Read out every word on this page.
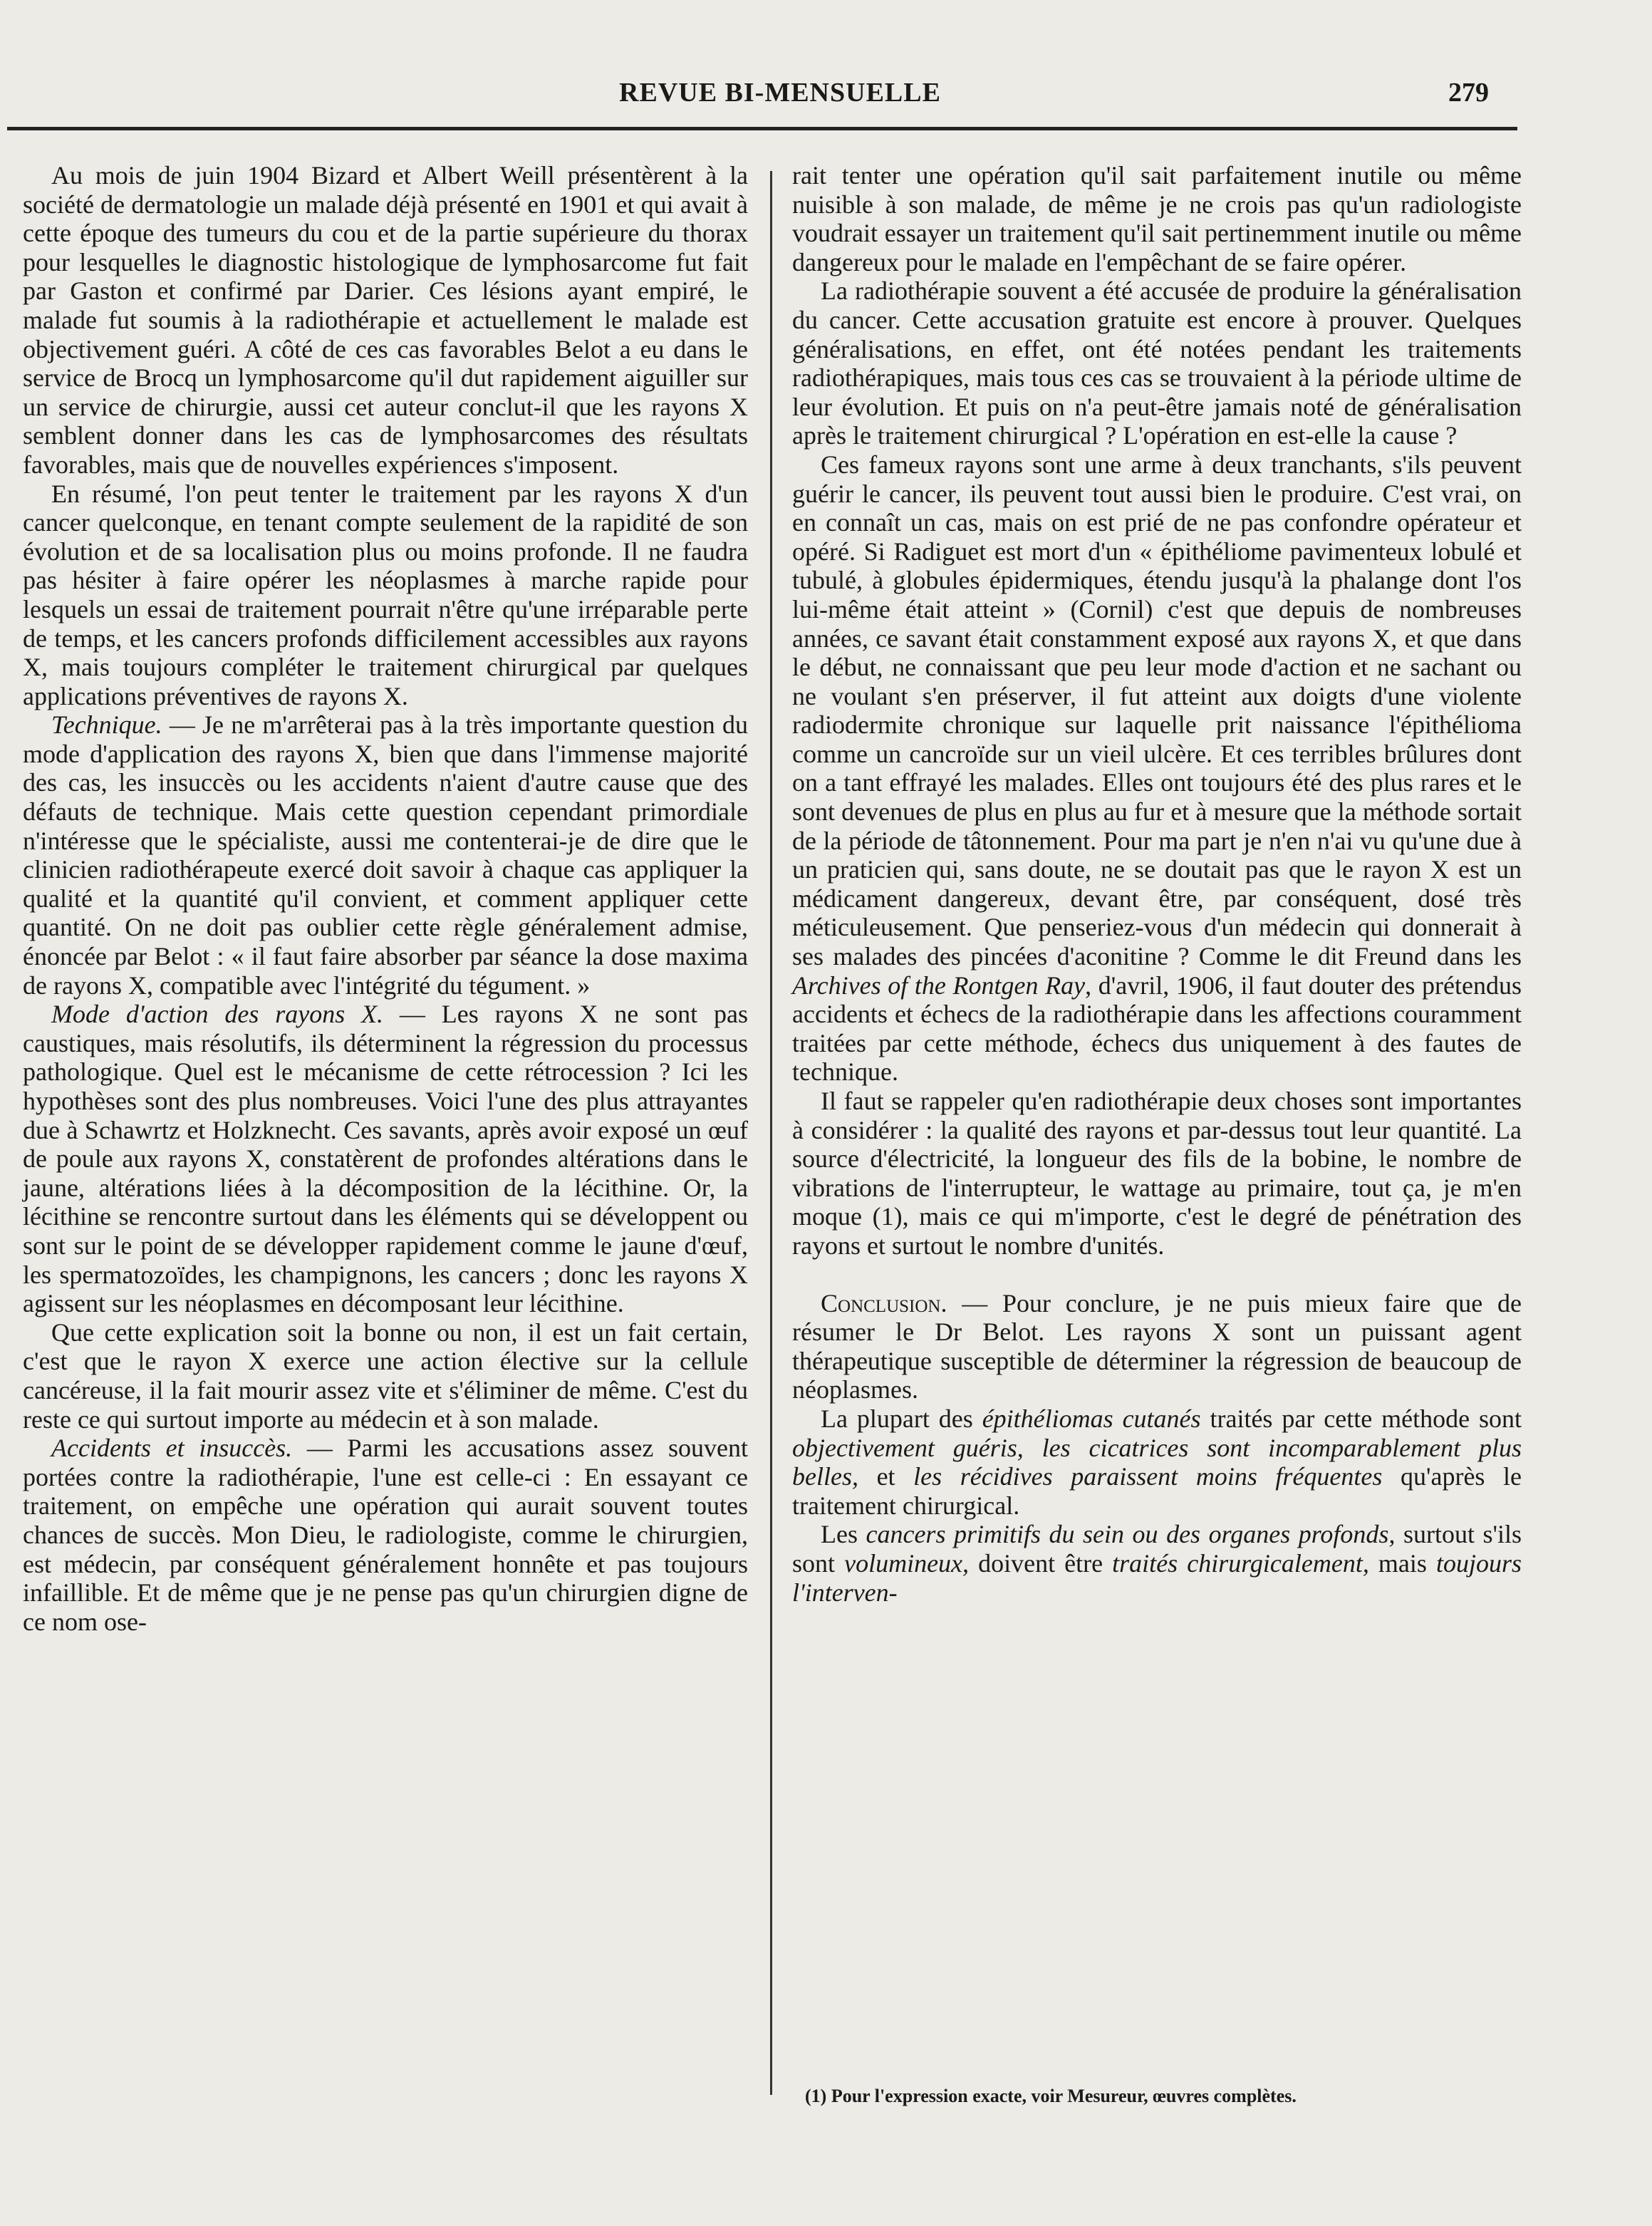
REVUE BI-MENSUELLE	279

Au mois de juin 1904 Bizard et Albert Weill présentèrent à la société de dermatologie un malade déjà présenté en 1901 et qui avait à cette époque des tumeurs du cou et de la partie supérieure du thorax pour lesquelles le diagnostic histologique de lymphosarcome fut fait par Gaston et confirmé par Darier. Ces lésions ayant empiré, le malade fut soumis à la radiothérapie et actuellement le malade est objectivement guéri. A côté de ces cas favorables Belot a eu dans le service de Brocq un lymphosarcome qu'il dut rapidement aiguiller sur un service de chirurgie, aussi cet auteur conclut-il que les rayons X semblent donner dans les cas de lymphosarcomes des résultats favorables, mais que de nouvelles expériences s'imposent.

En résumé, l'on peut tenter le traitement par les rayons X d'un cancer quelconque, en tenant compte seulement de la rapidité de son évolution et de sa localisation plus ou moins profonde. Il ne faudra pas hésiter à faire opérer les néoplasmes à marche rapide pour lesquels un essai de traitement pourrait n'être qu'une irréparable perte de temps, et les cancers profonds difficilement accessibles aux rayons X, mais toujours compléter le traitement chirurgical par quelques applications préventives de rayons X.

Technique. — Je ne m'arrêterai pas à la très importante question du mode d'application des rayons X, bien que dans l'immense majorité des cas, les insuccès ou les accidents n'aient d'autre cause que des défauts de technique. Mais cette question cependant primordiale n'intéresse que le spécialiste, aussi me contenterai-je de dire que le clinicien radiothérapeute exercé doit savoir à chaque cas appliquer la qualité et la quantité qu'il convient, et comment appliquer cette quantité. On ne doit pas oublier cette règle généralement admise, énoncée par Belot : « il faut faire absorber par séance la dose maxima de rayons X, compatible avec l'intégrité du tégument. »

Mode d'action des rayons X. — Les rayons X ne sont pas caustiques, mais résolutifs, ils déterminent la régression du processus pathologique. Quel est le mécanisme de cette rétrocession ? Ici les hypothèses sont des plus nombreuses. Voici l'une des plus attrayantes due à Schawrtz et Holzknecht. Ces savants, après avoir exposé un œuf de poule aux rayons X, constatèrent de profondes altérations dans le jaune, altérations liées à la décomposition de la lécithine. Or, la lécithine se rencontre surtout dans les éléments qui se développent ou sont sur le point de se développer rapidement comme le jaune d'œuf, les spermatozoïdes, les champignons, les cancers ; donc les rayons X agissent sur les néoplasmes en décomposant leur lécithine.

Que cette explication soit la bonne ou non, il est un fait certain, c'est que le rayon X exerce une action élective sur la cellule cancéreuse, il la fait mourir assez vite et s'éliminer de même. C'est du reste ce qui surtout importe au médecin et à son malade.

Accidents et insuccès. — Parmi les accusations assez souvent portées contre la radiothérapie, l'une est celle-ci : En essayant ce traitement, on empêche une opération qui aurait souvent toutes chances de succès. Mon Dieu, le radiologiste, comme le chirurgien, est médecin, par conséquent généralement honnête et pas toujours infaillible. Et de même que je ne pense pas qu'un chirurgien digne de ce nom ose-

rait tenter une opération qu'il sait parfaitement inutile ou même nuisible à son malade, de même je ne crois pas qu'un radiologiste voudrait essayer un traitement qu'il sait pertinemment inutile ou même dangereux pour le malade en l'empêchant de se faire opérer.

La radiothérapie souvent a été accusée de produire la généralisation du cancer. Cette accusation gratuite est encore à prouver. Quelques généralisations, en effet, ont été notées pendant les traitements radiothérapiques, mais tous ces cas se trouvaient à la période ultime de leur évolution. Et puis on n'a peut-être jamais noté de généralisation après le traitement chirurgical ? L'opération en est-elle la cause ?

Ces fameux rayons sont une arme à deux tranchants, s'ils peuvent guérir le cancer, ils peuvent tout aussi bien le produire. C'est vrai, on en connaît un cas, mais on est prié de ne pas confondre opérateur et opéré. Si Radiguet est mort d'un « épithéliome pavimenteux lobulé et tubulé, à globules épidermiques, étendu jusqu'à la phalange dont l'os lui-même était atteint » (Cornil) c'est que depuis de nombreuses années, ce savant était constamment exposé aux rayons X, et que dans le début, ne connaissant que peu leur mode d'action et ne sachant ou ne voulant s'en préserver, il fut atteint aux doigts d'une violente radiodermite chronique sur laquelle prit naissance l'épithélioma comme un cancroïde sur un vieil ulcère. Et ces terribles brûlures dont on a tant effrayé les malades. Elles ont toujours été des plus rares et le sont devenues de plus en plus au fur et à mesure que la méthode sortait de la période de tâtonnement. Pour ma part je n'en n'ai vu qu'une due à un praticien qui, sans doute, ne se doutait pas que le rayon X est un médicament dangereux, devant être, par conséquent, dosé très méticuleusement. Que penseriez-vous d'un médecin qui donnerait à ses malades des pincées d'aconitine ? Comme le dit Freund dans les Archives of the Rontgen Ray, d'avril, 1906, il faut douter des prétendus accidents et échecs de la radiothérapie dans les affections couramment traitées par cette méthode, échecs dus uniquement à des fautes de technique.

Il faut se rappeler qu'en radiothérapie deux choses sont importantes à considérer : la qualité des rayons et par-dessus tout leur quantité. La source d'électricité, la longueur des fils de la bobine, le nombre de vibrations de l'interrupteur, le wattage au primaire, tout ça, je m'en moque (1), mais ce qui m'importe, c'est le degré de pénétration des rayons et surtout le nombre d'unités.

Conclusion. — Pour conclure, je ne puis mieux faire que de résumer le Dr Belot. Les rayons X sont un puissant agent thérapeutique susceptible de déterminer la régression de beaucoup de néoplasmes.

La plupart des épithéliomas cutanés traités par cette méthode sont objectivement guéris, les cicatrices sont incomparablement plus belles, et les récidives paraissent moins fréquentes qu'après le traitement chirurgical.

Les cancers primitifs du sein ou des organes profonds, surtout s'ils sont volumineux, doivent être traités chirurgicalement, mais toujours l'interven-

(1) Pour l'expression exacte, voir Mesureur, œuvres complètes.
